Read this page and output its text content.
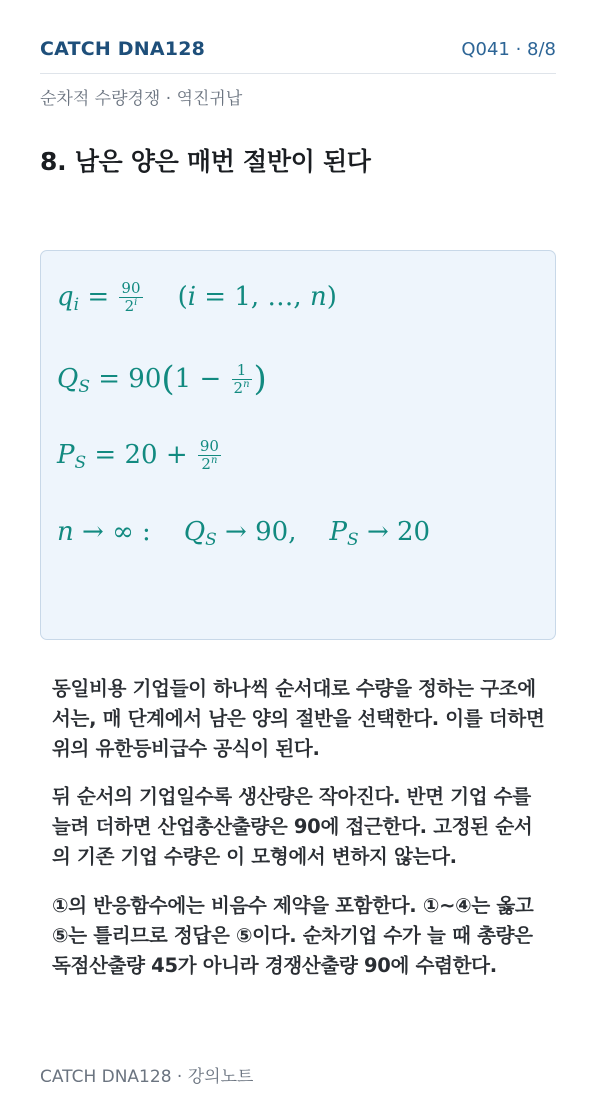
CATCH DNA128	Q041 · 8/8
순차적 수량경쟁 · 역진귀납
8. 남은 양은 매번 절반이 된다
$q_i = \frac{90}{2^i} (i = 1$, …, n)
$Q_S = 90(1 - \frac{1}{2^n}$ )
$P_S = 20 + \frac{90}{2^n}$
n → ∞ :    $Q_S \to 90$,    $P_S \to 20$
동일비용 기업들이 하나씩 순서대로 수량을 정하는 구조에서는, 매 단계에서 남은 양의 절반을 선택한다. 이를 더하면 위의 유한등비급수 공식이 된다.
뒤 순서의 기업일수록 생산량은 작아진다. 반면 기업 수를 늘려 더하면 산업총산출량은 90에 접근한다. 고정된 순서의 기존 기업 수량은 이 모형에서 변하지 않는다.
①의 반응함수에는 비음수 제약을 포함한다. ①~④는 옳고 ⑤는 틀리므로 정답은 ⑤이다. 순차기업 수가 늘 때 총량은 독점산출량 45가 아니라 경쟁산출량 90에 수렴한다.
CATCH DNA128 · 강의노트
